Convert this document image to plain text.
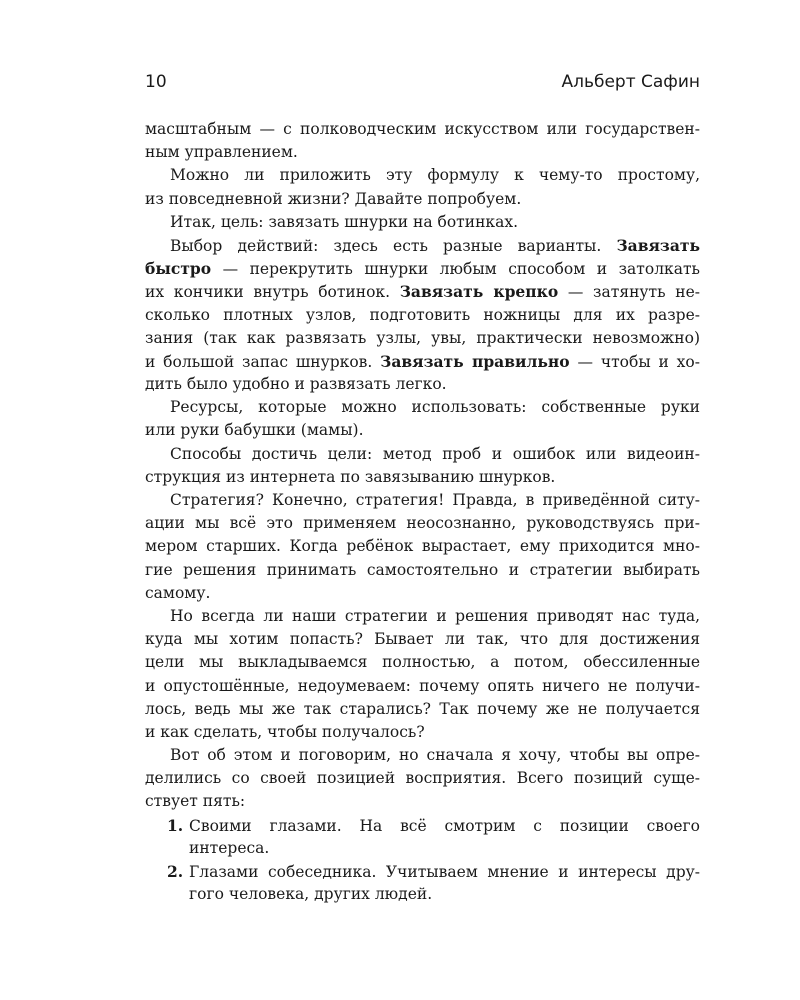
10	Альберт Сафин
масштабным — с полководческим искусством или государствен-
ным управлением.
Можно ли приложить эту формулу к чему-то простому,
из повседневной жизни? Давайте попробуем.
Итак, цель: завязать шнурки на ботинках.
Выбор действий: здесь есть разные варианты. Завязать
быстро — перекрутить шнурки любым способом и затолкать
их кончики внутрь ботинок. Завязать крепко — затянуть не-
сколько плотных узлов, подготовить ножницы для их разре-
зания (так как развязать узлы, увы, практически невозможно)
и большой запас шнурков. Завязать правильно — чтобы и хо-
дить было удобно и развязать легко.
Ресурсы, которые можно использовать: собственные руки
или руки бабушки (мамы).
Способы достичь цели: метод проб и ошибок или видеоин-
струкция из интернета по завязыванию шнурков.
Стратегия? Конечно, стратегия! Правда, в приведённой ситу-
ации мы всё это применяем неосознанно, руководствуясь при-
мером старших. Когда ребёнок вырастает, ему приходится мно-
гие решения принимать самостоятельно и стратегии выбирать
самому.
Но всегда ли наши стратегии и решения приводят нас туда,
куда мы хотим попасть? Бывает ли так, что для достижения
цели мы выкладываемся полностью, а потом, обессиленные
и опустошённые, недоумеваем: почему опять ничего не получи-
лось, ведь мы же так старались? Так почему же не получается
и как сделать, чтобы получалось?
Вот об этом и поговорим, но сначала я хочу, чтобы вы опре-
делились со своей позицией восприятия. Всего позиций суще-
ствует пять:
1. Своими глазами. На всё смотрим с позиции своего
интереса.
2. Глазами собеседника. Учитываем мнение и интересы дру-
гого человека, других людей.
